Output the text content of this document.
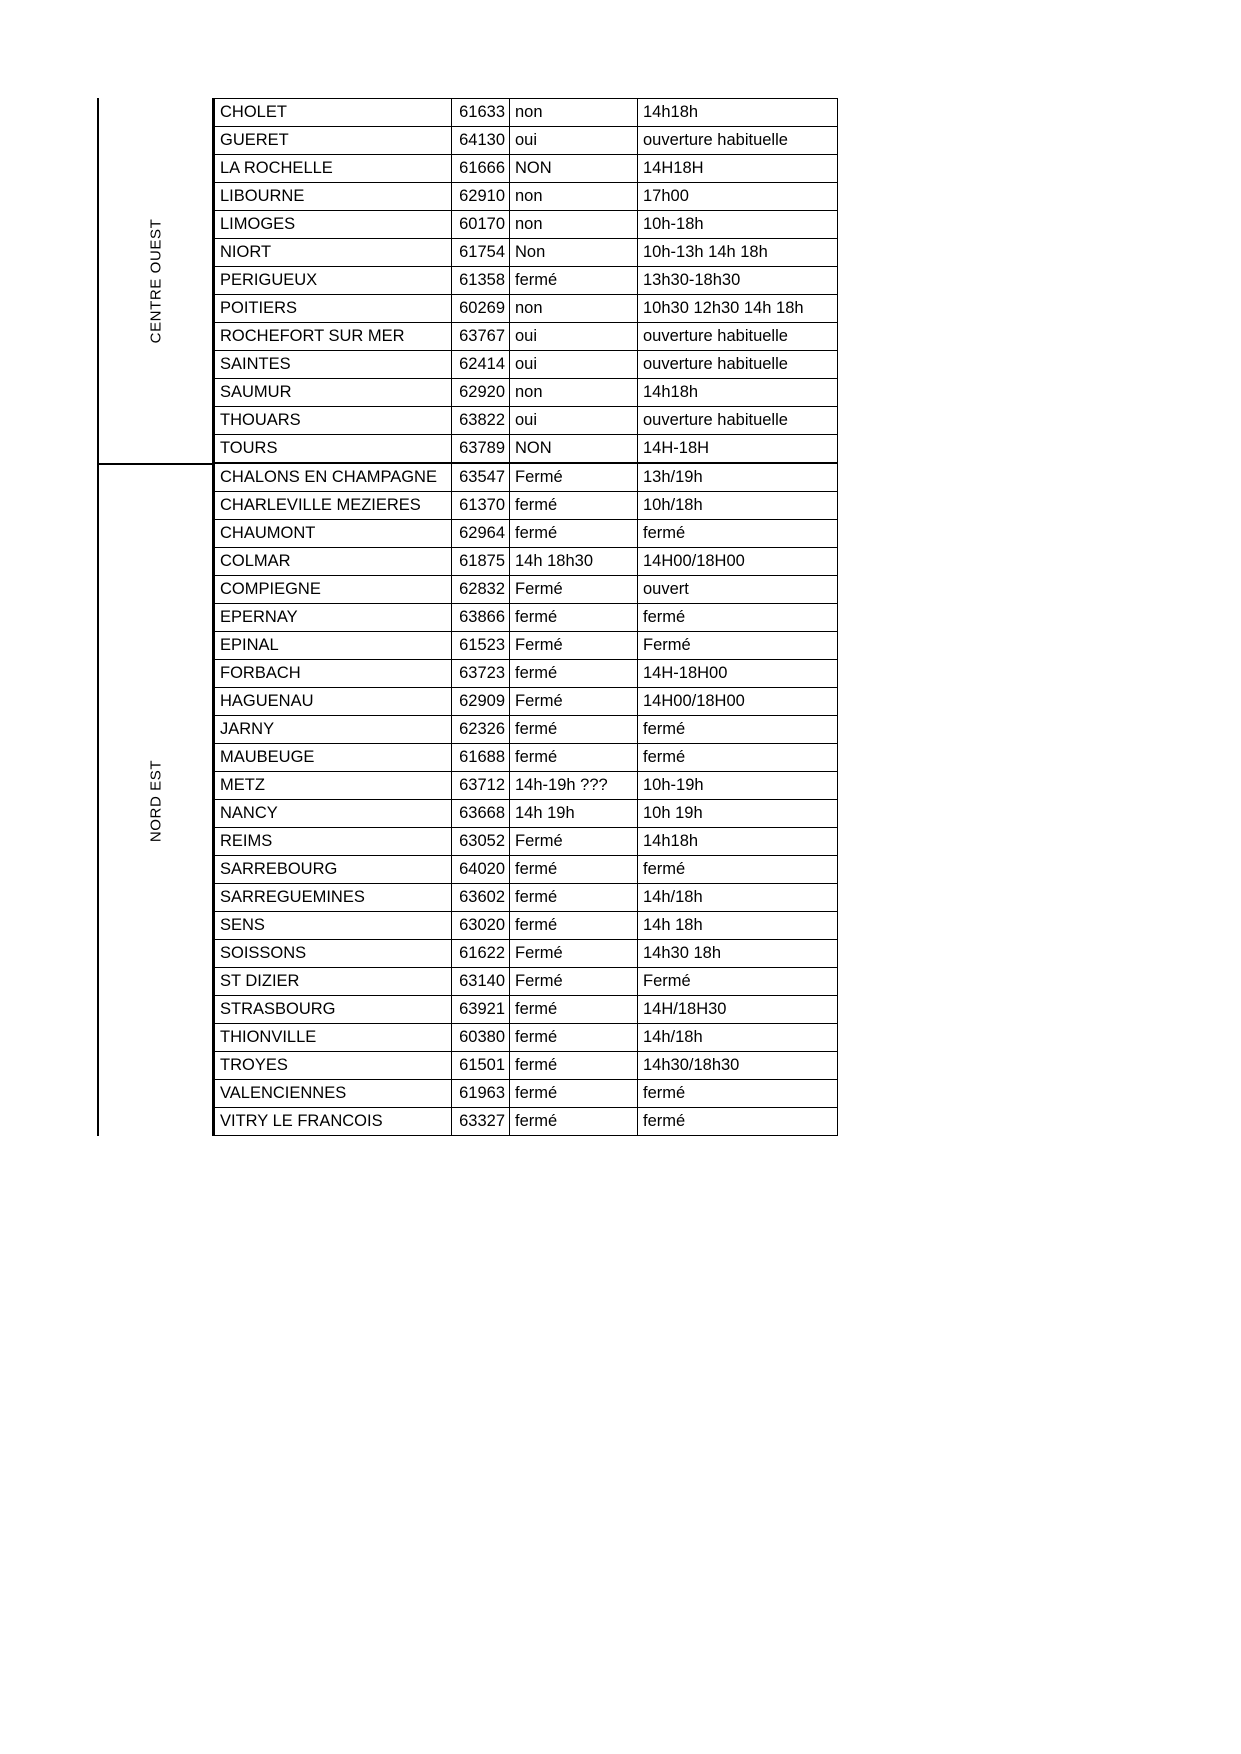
CENTRE OUEST
CHOLET	61633	non	14h18h
GUERET	64130	oui	ouverture habituelle
LA ROCHELLE	61666	NON	14H18H
LIBOURNE	62910	non	17h00
LIMOGES	60170	non	10h-18h
NIORT	61754	Non	10h-13h 14h 18h
PERIGUEUX	61358	fermé	13h30-18h30
POITIERS	60269	non	10h30 12h30 14h 18h
ROCHEFORT SUR MER	63767	oui	ouverture habituelle
SAINTES	62414	oui	ouverture habituelle
SAUMUR	62920	non	14h18h
THOUARS	63822	oui	ouverture habituelle
TOURS	63789	NON	14H-18H
NORD EST
CHALONS EN CHAMPAGNE	63547	Fermé	13h/19h
CHARLEVILLE MEZIERES	61370	fermé	10h/18h
CHAUMONT	62964	fermé	fermé
COLMAR	61875	14h 18h30	14H00/18H00
COMPIEGNE	62832	Fermé	ouvert
EPERNAY	63866	fermé	fermé
EPINAL	61523	Fermé	Fermé
FORBACH	63723	fermé	14H-18H00
HAGUENAU	62909	Fermé	14H00/18H00
JARNY	62326	fermé	fermé
MAUBEUGE	61688	fermé	fermé
METZ	63712	14h-19h ???	10h-19h
NANCY	63668	14h 19h	10h 19h
REIMS	63052	Fermé	14h18h
SARREBOURG	64020	fermé	fermé
SARREGUEMINES	63602	fermé	14h/18h
SENS	63020	fermé	14h 18h
SOISSONS	61622	Fermé	14h30 18h
ST DIZIER	63140	Fermé	Fermé
STRASBOURG	63921	fermé	14H/18H30
THIONVILLE	60380	fermé	14h/18h
TROYES	61501	fermé	14h30/18h30
VALENCIENNES	61963	fermé	fermé
VITRY LE FRANCOIS	63327	fermé	fermé
